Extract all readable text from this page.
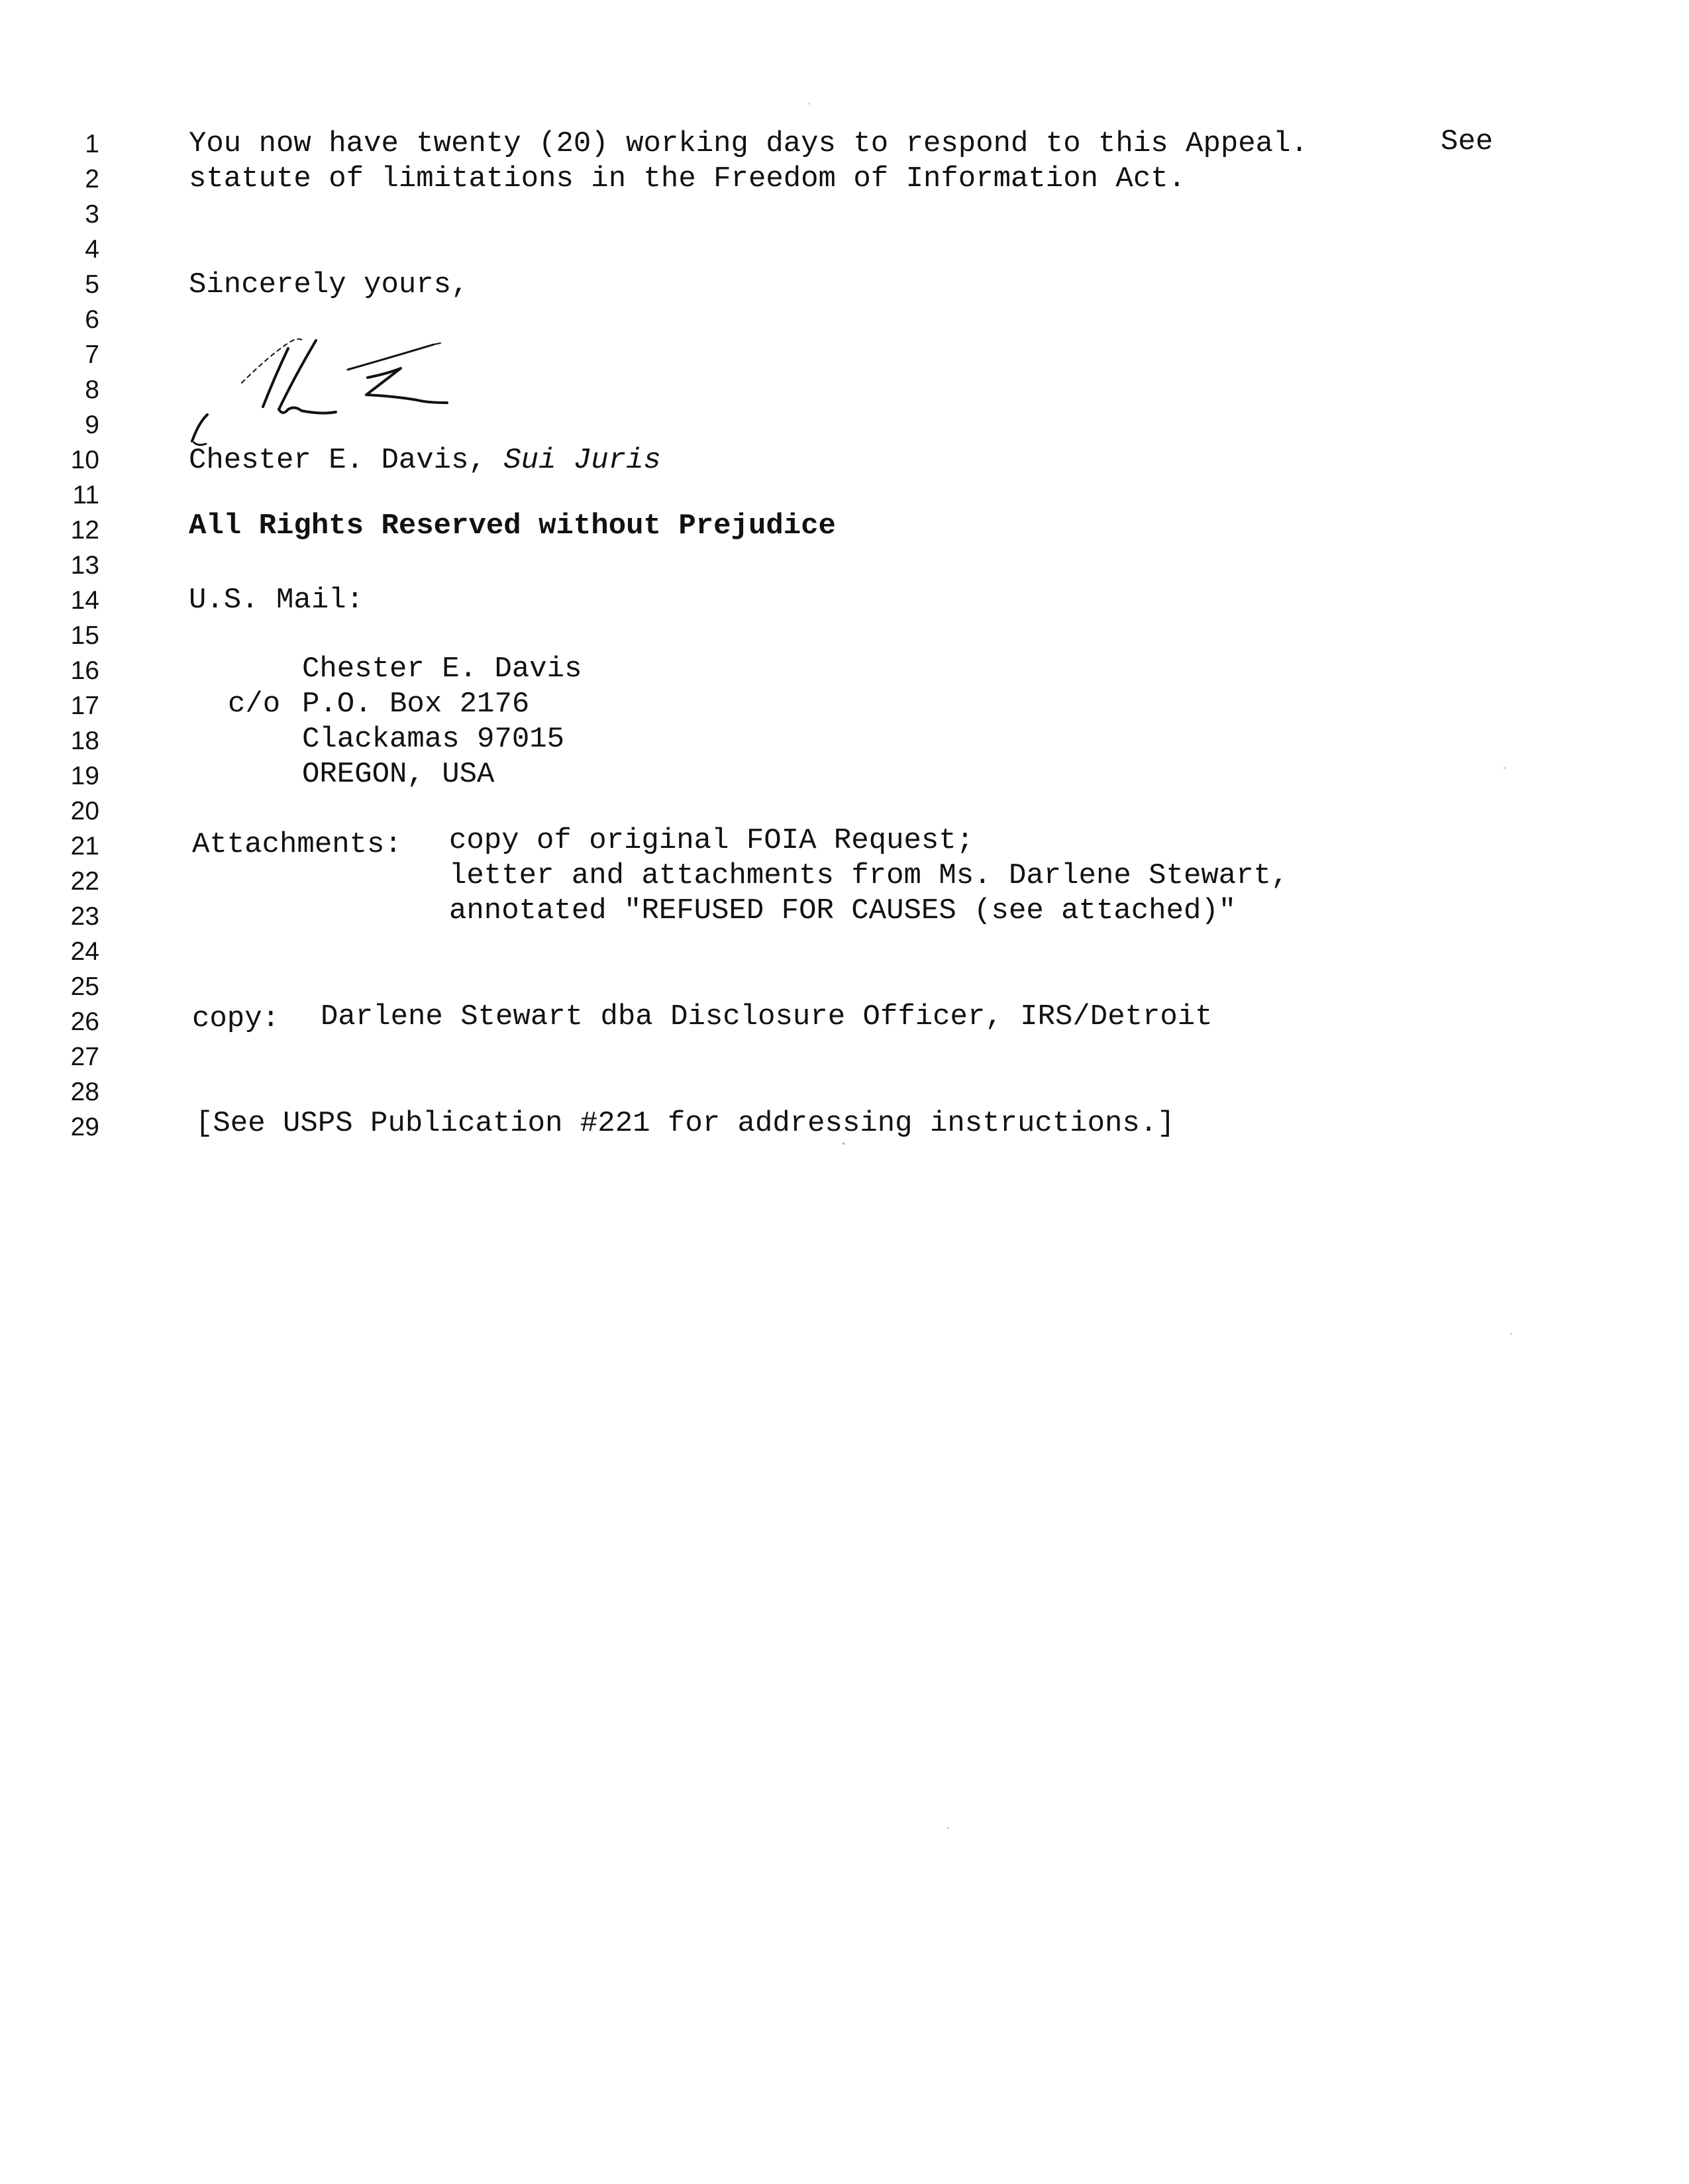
1
2
3
4
5
6
7
8
9
10
11
12
13
14
15
16
17
18
19
20
21
22
23
24
25
26
27
28
29
You now have twenty (20) working days to respond to this Appeal.	See
statute of limitations in the Freedom of Information Act.
Sincerely yours,
Chester E. Davis, Sui Juris
All Rights Reserved without Prejudice
U.S. Mail:
Chester E. Davis
c/o P.O. Box 2176
Clackamas 97015
OREGON, USA
Attachments: copy of original FOIA Request;
letter and attachments from Ms. Darlene Stewart,
annotated "REFUSED FOR CAUSES (see attached)"
copy: Darlene Stewart dba Disclosure Officer, IRS/Detroit
[See USPS Publication #221 for addressing instructions.]
